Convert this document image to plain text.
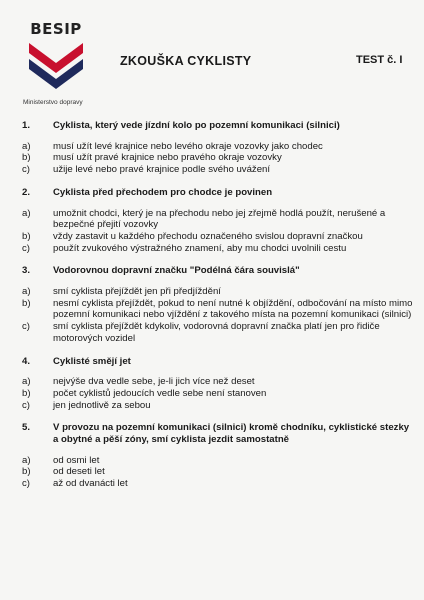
BESIP
Ministerstvo dopravy
ZKOUŠKA CYKLISTY	TEST č. I
1.	Cyklista, který vede jízdní kolo po pozemní komunikaci (silnici)
a)	musí užít levé krajnice nebo levého okraje vozovky jako chodec
b)	musí užít pravé krajnice nebo pravého okraje vozovky
c)	užije levé nebo pravé krajnice podle svého uvážení
2.	Cyklista před přechodem pro chodce je povinen
a)	umožnit chodci, který je na přechodu nebo jej zřejmě hodlá použít, nerušené a bezpečné přejití vozovky
b)	vždy zastavit u každého přechodu označeného svislou dopravní značkou
c)	použít zvukového výstražného znamení, aby mu chodci uvolnili cestu
3.	Vodorovnou dopravní značku "Podélná čára souvislá"
a)	smí cyklista přejíždět jen při předjíždění
b)	nesmí cyklista přejíždět, pokud to není nutné k objíždění, odbočování na místo mimo pozemní komunikaci nebo vjíždění z takového místa na pozemní komunikaci (silnici)
c)	smí cyklista přejíždět kdykoliv, vodorovná dopravní značka platí jen pro řidiče motorových vozidel
4.	Cyklisté smějí jet
a)	nejvýše dva vedle sebe, je-li jich více než deset
b)	počet cyklistů jedoucích vedle sebe není stanoven
c)	jen jednotlivě za sebou
5.	V provozu na pozemní komunikaci (silnici) kromě chodníku, cyklistické stezky a obytné a pěší zóny, smí cyklista jezdit samostatně
a)	od osmi let
b)	od deseti let
c)	až od dvanácti let
